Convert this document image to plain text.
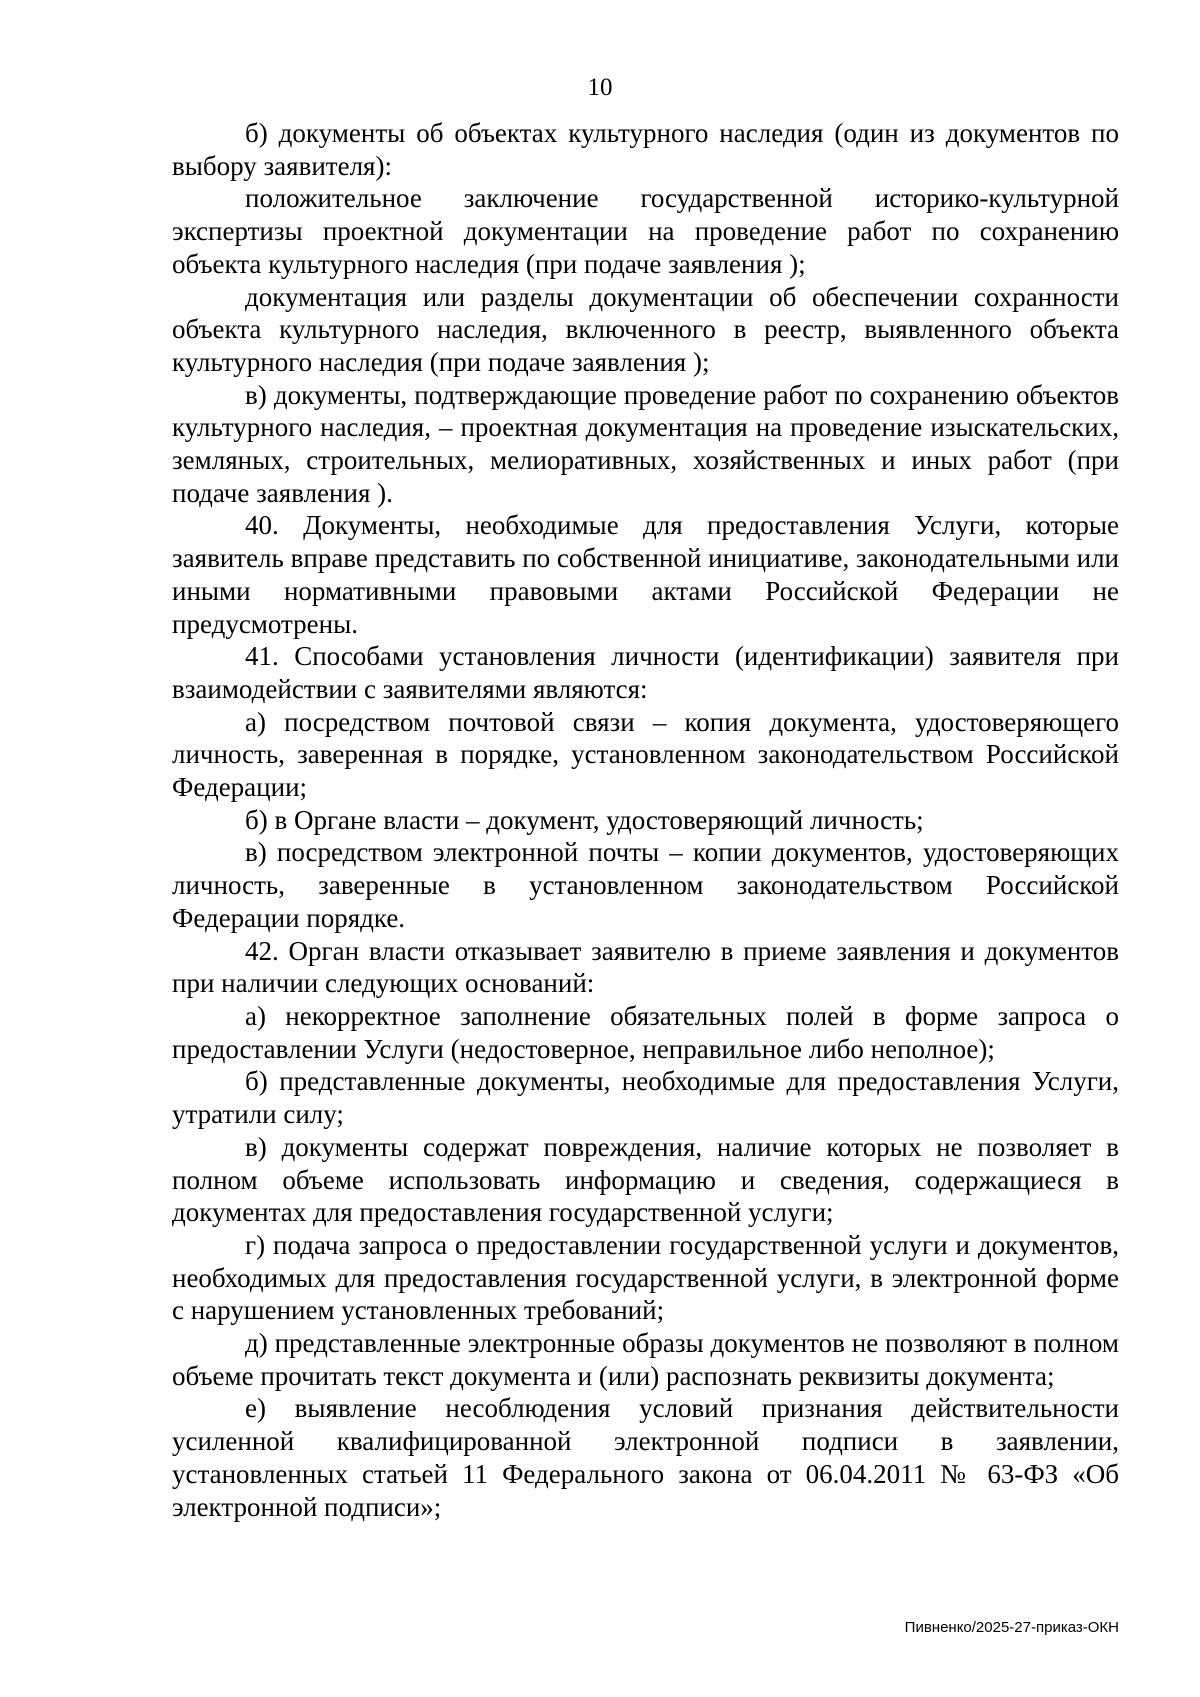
10

б) документы об объектах культурного наследия (один из документов по выбору заявителя):

положительное заключение государственной историко-культурной экспертизы проектной документации на проведение работ по сохранению объекта культурного наследия (при подаче заявления );

документация или разделы документации об обеспечении сохранности объекта культурного наследия, включенного в реестр, выявленного объекта культурного наследия (при подаче заявления );

в) документы, подтверждающие проведение работ по сохранению объектов культурного наследия, – проектная документация на проведение изыскательских, земляных, строительных, мелиоративных, хозяйственных и иных работ (при подаче заявления ).

40. Документы, необходимые для предоставления Услуги, которые заявитель вправе представить по собственной инициативе, законодательными или иными нормативными правовыми актами Российской Федерации не предусмотрены.

41. Способами установления личности (идентификации) заявителя при взаимодействии с заявителями являются:

а) посредством почтовой связи – копия документа, удостоверяющего личность, заверенная в порядке, установленном законодательством Российской Федерации;

б) в Органе власти – документ, удостоверяющий личность;

в) посредством электронной почты – копии документов, удостоверяющих личность, заверенные в установленном законодательством Российской Федерации порядке.

42. Орган власти отказывает заявителю в приеме заявления и документов при наличии следующих оснований:

а) некорректное заполнение обязательных полей в форме запроса о предоставлении Услуги (недостоверное, неправильное либо неполное);

б) представленные документы, необходимые для предоставления Услуги, утратили силу;

в) документы содержат повреждения, наличие которых не позволяет в полном объеме использовать информацию и сведения, содержащиеся в документах для предоставления государственной услуги;

г) подача запроса о предоставлении государственной услуги и документов, необходимых для предоставления государственной услуги, в электронной форме с нарушением установленных требований;

д) представленные электронные образы документов не позволяют в полном объеме прочитать текст документа и (или) распознать реквизиты документа;

е) выявление несоблюдения условий признания действительности усиленной квалифицированной электронной подписи в заявлении, установленных статьей 11 Федерального закона от 06.04.2011 № 63-ФЗ «Об электронной подписи»;

Пивненко/2025-27-приказ-ОКН
